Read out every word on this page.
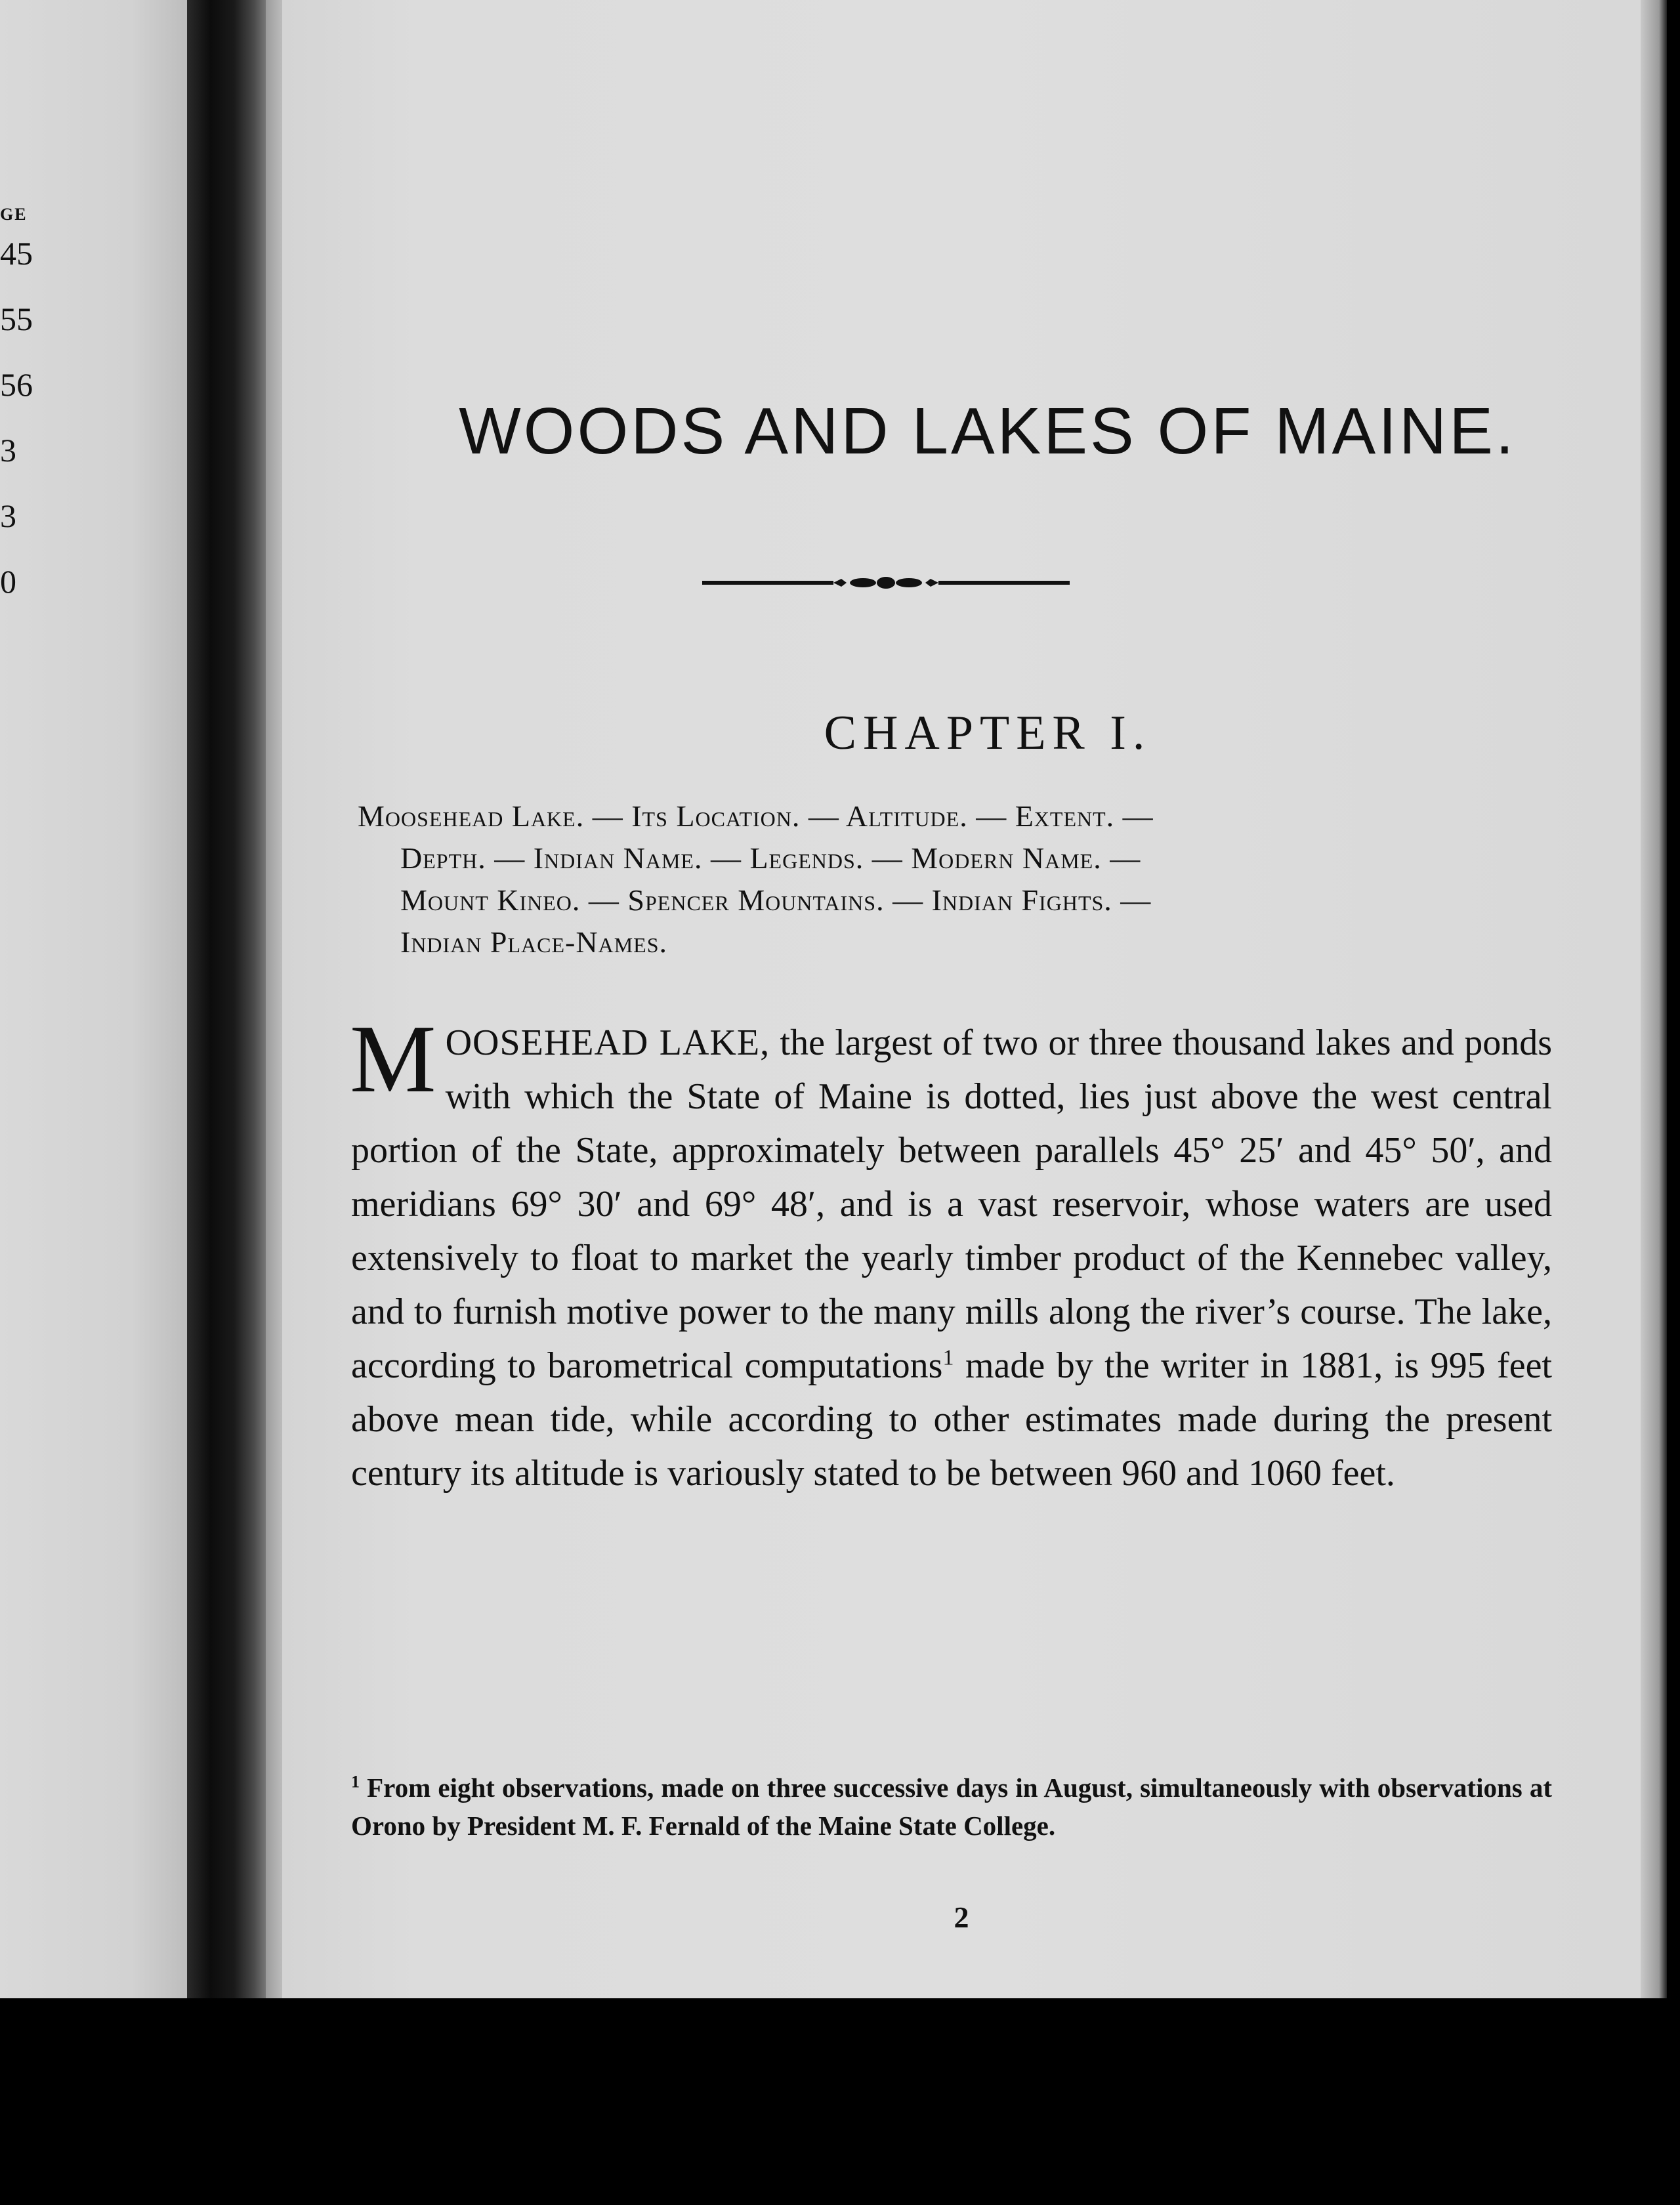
GE
45
55
56
3
3
0
WOODS AND LAKES OF MAINE.
CHAPTER I.

Moosehead Lake. — Its Location. — Altitude. — Extent. —

Depth. — Indian Name. — Legends. — Modern Name. —

Mount Kineo. — Spencer Mountains. — Indian Fights. —

Indian Place-Names.

MOOSEHEAD LAKE, the largest of two or three thousand lakes and ponds with which the State of Maine is dotted, lies just above the west central portion of the State, approximately between parallels 45° 25′ and 45° 50′, and meridians 69° 30′ and 69° 48′, and is a vast reservoir, whose waters are used extensively to float to market the yearly timber product of the Kennebec valley, and to furnish motive power to the many mills along the river’s course. The lake, according to barometrical computations$^1$ made by the writer in 1881, is 995 feet above mean tide, while according to other estimates made during the present century its altitude is variously stated to be between 960 and 1060 feet.
$^1$ From eight observations, made on three successive days in August, simultaneously with observations at Orono by President M. F. Fernald of the Maine State College.
2
